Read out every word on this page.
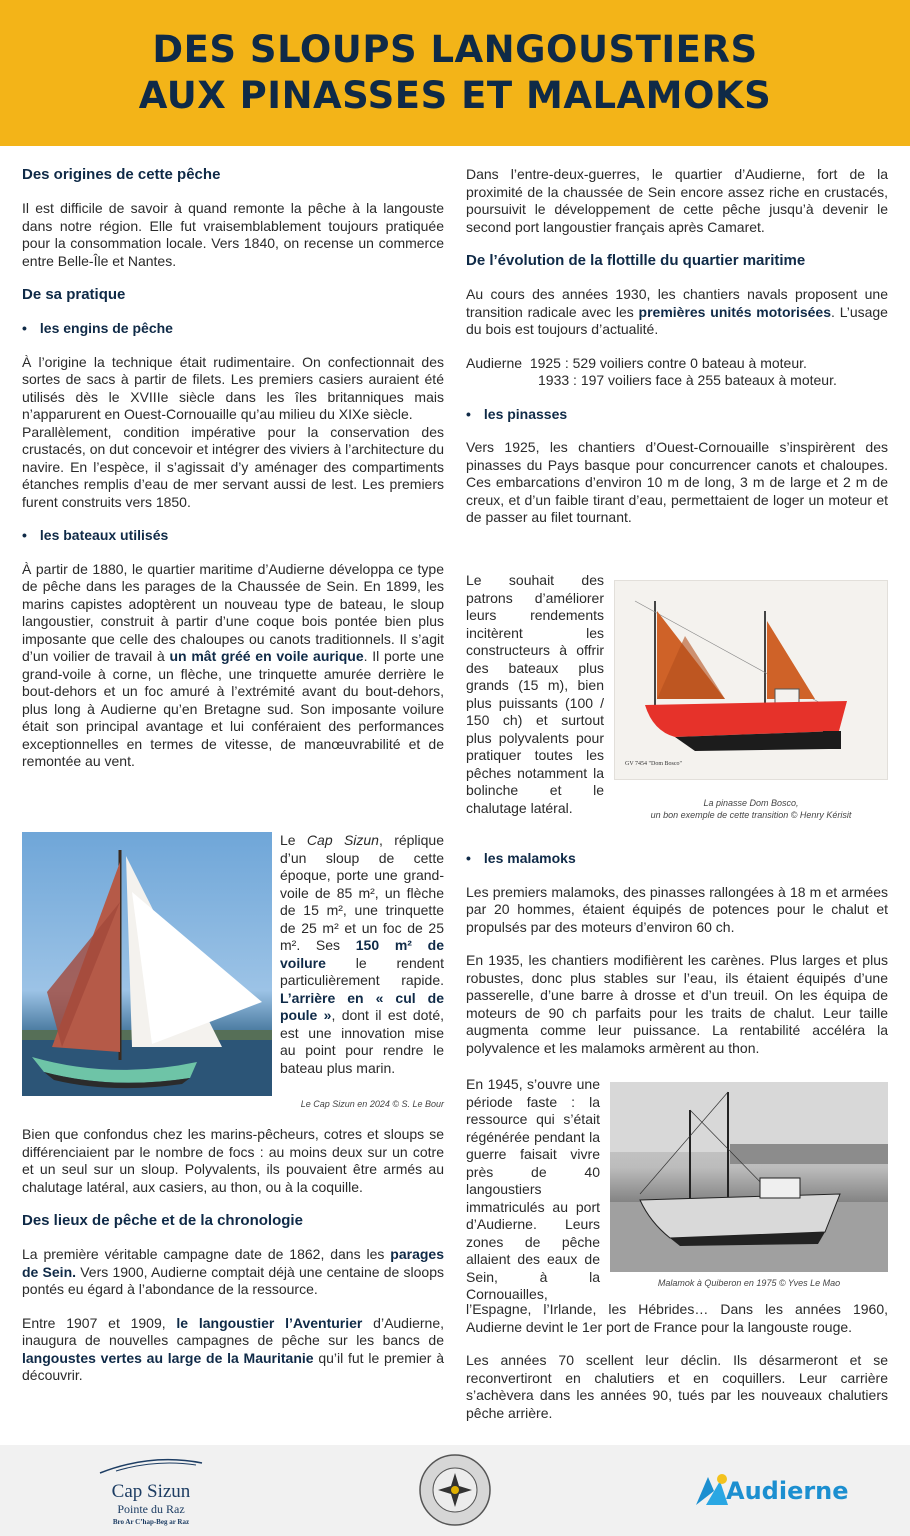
DES SLOUPS LANGOUSTIERS
AUX PINASSES ET MALAMOKS
Des origines de cette pêche

Il est difficile de savoir à quand remonte la pêche à la langouste dans notre région. Elle fut vraisemblablement toujours pratiquée pour la consommation locale. Vers 1840, on recense un commerce entre Belle-Île et Nantes.

De sa pratique
• les engins de pêche

À l’origine la technique était rudimentaire. On confectionnait des sortes de sacs à partir de filets. Les premiers casiers auraient été utilisés dès le XVIIIe siècle dans les îles britanniques mais n’apparurent en Ouest-Cornouaille qu’au milieu du XIXe siècle.

Parallèlement, condition impérative pour la conservation des crustacés, on dut concevoir et intégrer des viviers à l’architecture du navire. En l’espèce, il s’agissait d’y aménager des compartiments étanches remplis d’eau de mer servant aussi de lest. Les premiers furent construits vers 1850.

• les bateaux utilisés

À partir de 1880, le quartier maritime d’Audierne développa ce type de pêche dans les parages de la Chaussée de Sein. En 1899, les marins capistes adoptèrent un nouveau type de bateau, le sloup langoustier, construit à partir d’une coque bois pontée bien plus imposante que celle des chaloupes ou canots traditionnels. Il s’agit d’un voilier de travail à un mât gréé en voile aurique. Il porte une grand-voile à corne, un flèche, une trinquette amurée derrière le bout-dehors et un foc amuré à l’extrémité avant du bout-dehors, plus long à Audierne qu’en Bretagne sud. Son imposante voilure était son principal avantage et lui conféraient des performances exceptionnelles en termes de vitesse, de manœuvrabilité et de remontée au vent.

Le Cap Sizun, réplique d’un sloup de cette époque, porte une grand-voile de 85 m², un flèche de 15 m², une trinquette de 25 m² et un foc de 25 m². Ses 150 m² de voilure le rendent particulièrement rapide. L’arrière en « cul de poule », dont il est doté, est une innovation mise au point pour rendre le bateau plus marin.
Le Cap Sizun en 2024 © S. Le Bour

Bien que confondus chez les marins-pêcheurs, cotres et sloups se différenciaient par le nombre de focs : au moins deux sur un cotre et un seul sur un sloup. Polyvalents, ils pouvaient être armés au chalutage latéral, aux casiers, au thon, ou à la coquille.

Des lieux de pêche et de la chronologie

La première véritable campagne date de 1862, dans les parages de Sein. Vers 1900, Audierne comptait déjà une centaine de sloops pontés eu égard à l’abondance de la ressource.

Entre 1907 et 1909, le langoustier l’Aventurier d’Audierne, inaugura de nouvelles campagnes de pêche sur les bancs de langoustes vertes au large de la Mauritanie qu’il fut le premier à découvrir.

Dans l’entre-deux-guerres, le quartier d’Audierne, fort de la proximité de la chaussée de Sein encore assez riche en crustacés, poursuivit le développement de cette pêche jusqu’à devenir le second port langoustier français après Camaret.

De l’évolution de la flottille du quartier maritime

Au cours des années 1930, les chantiers navals proposent une transition radicale avec les premières unités motorisées. L’usage du bois est toujours d’actualité.

Audierne  1925 : 529 voiliers contre 0 bateau à moteur.
1933 : 197 voiliers face à 255 bateaux à moteur.
• les pinasses

Vers 1925, les chantiers d’Ouest-Cornouaille s’inspirèrent des pinasses du Pays basque pour concurrencer canots et chaloupes. Ces embarcations d’environ 10 m de long, 3 m de large et 2 m de creux, et d’un faible tirant d’eau, permettaient de loger un moteur et de passer au filet tournant.

Le souhait des patrons d’améliorer leurs rendements incitèrent les constructeurs à offrir des bateaux plus grands (15 m), bien plus puissants (100 / 150 ch) et surtout plus polyvalents pour pratiquer toutes les pêches notamment la bolinche et le chalutage latéral.
GV 7454 "Dom Bosco"
La pinasse Dom Bosco,
un bon exemple de cette transition © Henry Kérisit
• les malamoks

Les premiers malamoks, des pinasses rallongées à 18 m et armées par 20 hommes, étaient équipés de potences pour le chalut et propulsés par des moteurs d’environ 60 ch.

En 1935, les chantiers modifièrent les carènes. Plus larges et plus robustes, donc plus stables sur l’eau, ils étaient équipés d’une passerelle, d’une barre à drosse et d’un treuil. On les équipa de moteurs de 90 ch parfaits pour les traits de chalut. Leur taille augmenta comme leur puissance. La rentabilité accéléra la polyvalence et les malamoks armèrent au thon.

En 1945, s’ouvre une période faste : la ressource qui s’était régénérée pendant la guerre faisait vivre près de 40 langoustiers immatriculés au port d’Audierne. Leurs zones de pêche allaient des eaux de Sein, à la Cornouailles,
Malamok à Quiberon en 1975 © Yves Le Mao

l’Espagne, l’Irlande, les Hébrides… Dans les années 1960, Audierne devint le 1er port de France pour la langouste rouge.

Les années 70 scellent leur déclin. Ils désarmeront et se reconvertiront en chalutiers et en coquillers. Leur carrière s’achèvera dans les années 90, tués par les nouveaux chalutiers pêche arrière.

Cap Sizun
Pointe du Raz
Bro Ar C’hap-Beg ar Raz
Audierne
